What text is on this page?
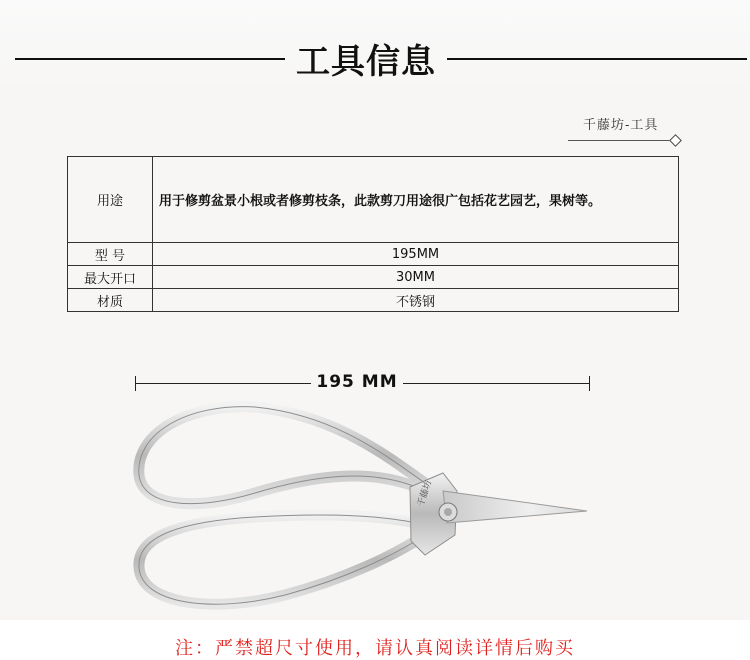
工具信息
千藤坊-工具
用途	用于修剪盆景小根或者修剪枝条，此款剪刀用途很广包括花艺园艺，果树等。
型 号	195MM
最大开口	30MM
材质	不锈钢
195 MM
千藤坊
注：严禁超尺寸使用，请认真阅读详情后购买
